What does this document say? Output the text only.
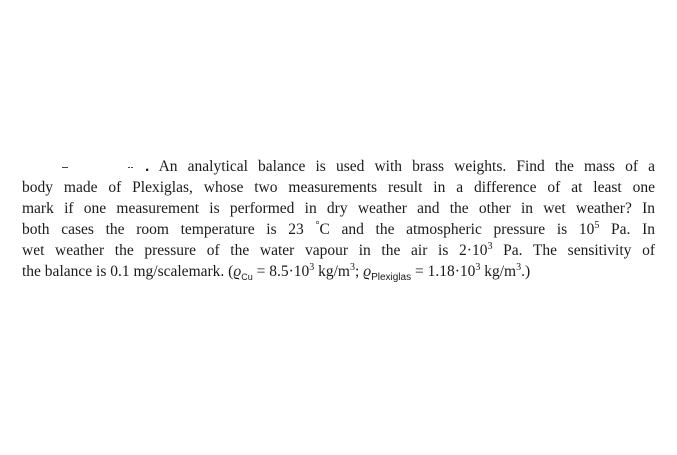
. An analytical balance is used with brass weights. Find the mass of a
body made of Plexiglas, whose two measurements result in a difference of at least one
mark if one measurement is performed in dry weather and the other in wet weather? In
both cases the room temperature is 23 °C and the atmospheric pressure is $10^5$ Pa. In
wet weather the pressure of the water vapour in the air is $2\cdot 10^3$ Pa. The sensitivity of
the balance is 0.1 mg/scalemark. ($ϱ_{Cu} = 8.5\cdot 10^3$ $kg/m^3$; $ϱ_{Plexiglas} = 1.18\cdot 10^3$ $kg/m^3$.)
